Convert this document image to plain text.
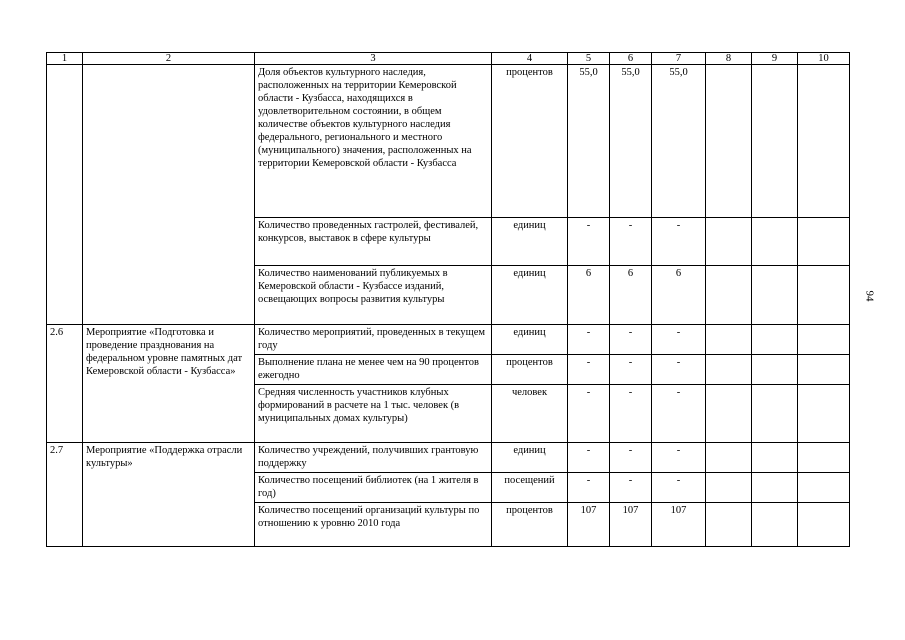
1	2	3	4	5	6	7	8	9	10
		Доля объектов культурного наследия, расположенных на территории Кемеровской области - Кузбасса, находящихся в удовлетворительном состоянии, в общем количестве объектов культурного наследия федерального, регионального и местного (муниципального) значения, расположенных на территории Кемеровской области - Кузбасса	процентов	55,0	55,0	55,0			
		Количество проведенных гастролей, фестивалей, конкурсов, выставок в сфере культуры	единиц	-	-	-			
		Количество наименований публикуемых в Кемеровской области - Кузбассе изданий, освещающих вопросы развития культуры	единиц	6	6	6			
2.6	Мероприятие «Подготовка и проведение празднования на федеральном уровне памятных дат Кемеровской области - Кузбасса»	Количество мероприятий, проведенных в текущем году	единиц	-	-	-			
		Выполнение плана не менее чем на 90 процентов ежегодно	процентов	-	-	-			
		Средняя численность участников клубных формирований в расчете на 1 тыс. человек (в муниципальных домах культуры)	человек	-	-	-			
2.7	Мероприятие «Поддержка отрасли культуры»	Количество учреждений, получивших грантовую поддержку	единиц	-	-	-			
		Количество посещений библиотек (на 1 жителя в год)	посещений	-	-	-			
		Количество посещений организаций культуры по отношению к уровню 2010 года	процентов	107	107	107			
94
